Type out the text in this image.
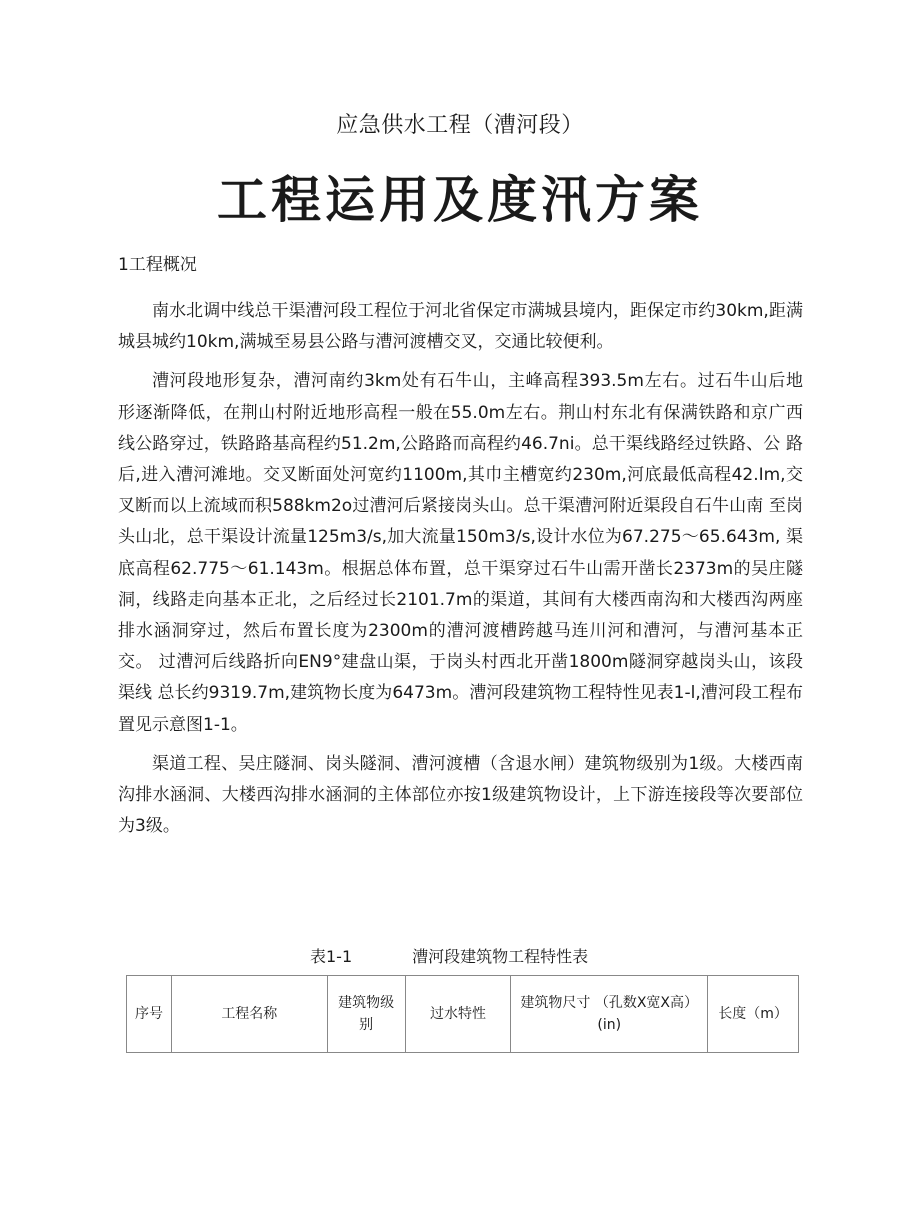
应急供水工程（漕河段）
工程运用及度汛方案
1工程概况

南水北调中线总干渠漕河段工程位于河北省保定市满城县境内，距保定市约30km,距满城县城约10km,满城至易县公路与漕河渡槽交叉，交通比较便利。

漕河段地形复杂，漕河南约3km处有石牛山，主峰高程393.5m左右。过石牛山后地 形逐渐降低，在荆山村附近地形高程一般在55.0m左右。荆山村东北有保满铁路和京广西 线公路穿过，铁路路基高程约51.2m,公路路而高程约46.7ni。总干渠线路经过铁路、公 路后,进入漕河滩地。交叉断面处河宽约1100m,其巾主槽宽约230m,河底最低高程42.Im,交叉断而以上流域而积588km2o过漕河后紧接岗头山。总干渠漕河附近渠段自石牛山南 至岗头山北，总干渠设计流量125m3/s,加大流量150m3/s,设计水位为67.275～65.643m, 渠底高程62.775～61.143m。根据总体布置，总干渠穿过石牛山需开凿长2373m的吴庄隧 洞，线路走向基本正北，之后经过长2101.7m的渠道，其间有大楼西南沟和大楼西沟两座 排水涵洞穿过，然后布置长度为2300m的漕河渡槽跨越马连川河和漕河，与漕河基本正交。 过漕河后线路折向EN9°建盘山渠，于岗头村西北开凿1800m隧洞穿越岗头山，该段渠线 总长约9319.7m,建筑物长度为6473m。漕河段建筑物工程特性见表1-l,漕河段工程布 置见示意图1-1。

渠道工程、吴庄隧洞、岗头隧洞、漕河渡槽（含退水闸）建筑物级别为1级。大楼西南沟排水涵洞、大楼西沟排水涵洞的主体部位亦按1级建筑物设计，上下游连接段等次要部位为3级。

表1-1	漕河段建筑物工程特性表
序号	工程名称	建筑物级别	过水特性	建筑物尺寸 （孔数X宽X高）(in)	长度（m）
